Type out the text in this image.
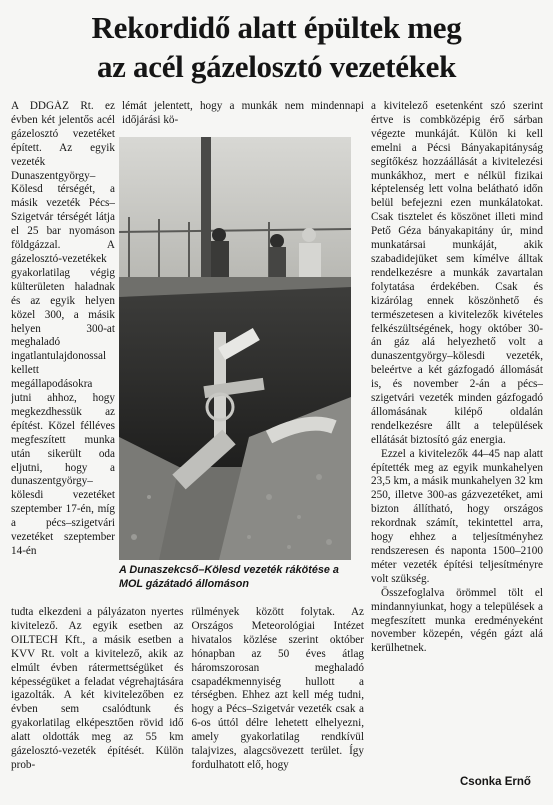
Rekordidő alatt épültek meg
az acél gázelosztó vezetékek

A DDGÁZ Rt. ez évben két jelentős acél gázelosztó vezetéket épített. Az egyik vezeték Dunaszentgyörgy–Kölesd térségét, a másik vezeték Pécs–Szigetvár térségét látja el 25 bar nyomáson földgázzal. A gázelosztó-vezetékek gyakorlatilag végig külterületen haladnak és az egyik helyen közel 300, a másik helyen 300-at meghaladó ingatlantulajdonossal kellett megállapodásokra jutni ahhoz, hogy megkezdhessük az építést. Közel félléves megfeszített munka után sikerült oda eljutni, hogy a dunaszentgyörgy–kölesdi vezetéket szeptember 17-én, míg a pécs–szigetvári vezetéket szeptember 14-én

lémát jelentett, hogy a munkák nem mindennapi időjárási kö-

A Dunaszekcső–Kölesd vezeték rákötése a MOL gázátadó állomáson

tudta elkezdeni a pályázaton nyertes kivitelező. Az egyik esetben az OILTECH Kft., a másik esetben a KVV Rt. volt a kivitelező, akik az elmúlt évben rátermettségüket és képességüket a feladat végrehajtására igazolták. A két kivitelezőben ez évben sem csalódtunk és gyakorlatilag elképesztően rövid idő alatt oldották meg az 55 km gázelosztó-vezeték építését. Külön prob-

rülmények között folytak. Az Országos Meteorológiai Intézet hivatalos közlése szerint október hónapban az 50 éves átlag háromszorosan meghaladó csapadékmennyiség hullott a térségben. Ehhez azt kell még tudni, hogy a Pécs–Szigetvár vezeték csak a 6-os úttól délre lehetett elhelyezni, amely gyakorlatilag rendkívül talajvizes, alagcsövezett terület. Így fordulhatott elő, hogy

a kivitelező esetenként szó szerint értve is combközépig érő sárban végezte munkáját. Külön ki kell emelni a Pécsi Bányakapitányság segítőkész hozzáállását a kivitelezési munkákhoz, mert e nélkül fizikai képtelenség lett volna belátható időn belül befejezni ezen munkálatokat. Csak tisztelet és köszönet illeti mind Pető Géza bányakapitány úr, mind munkatársai munkáját, akik szabadidejüket sem kímélve álltak rendelkezésre a munkák zavartalan folytatása érdekében. Csak és kizárólag ennek köszönhető és természetesen a kivitelezők kivételes felkészültségének, hogy október 30-án gáz alá helyezhető volt a dunaszentgyörgy–kölesdi vezeték, beleértve a két gázfogadó állomását is, és november 2-án a pécs–szigetvári vezeték minden gázfogadó állomásának kilépő oldalán rendelkezésre állt a települések ellátását biztosító gáz energia.

Ezzel a kivitelezők 44–45 nap alatt építették meg az egyik munkahelyen 23,5 km, a másik munkahelyen 32 km 250, illetve 300-as gázvezetéket, ami bizton állítható, hogy országos rekordnak számít, tekintettel arra, hogy ehhez a teljesítményhez rendszeresen és naponta 1500–2100 méter vezeték építési teljesítményre volt szükség.

Összefoglalva örömmel tölt el mindannyiunkat, hogy a települések a megfeszített munka eredményeként november közepén, végén gázt alá kerülhetnek.

Csonka Ernő
